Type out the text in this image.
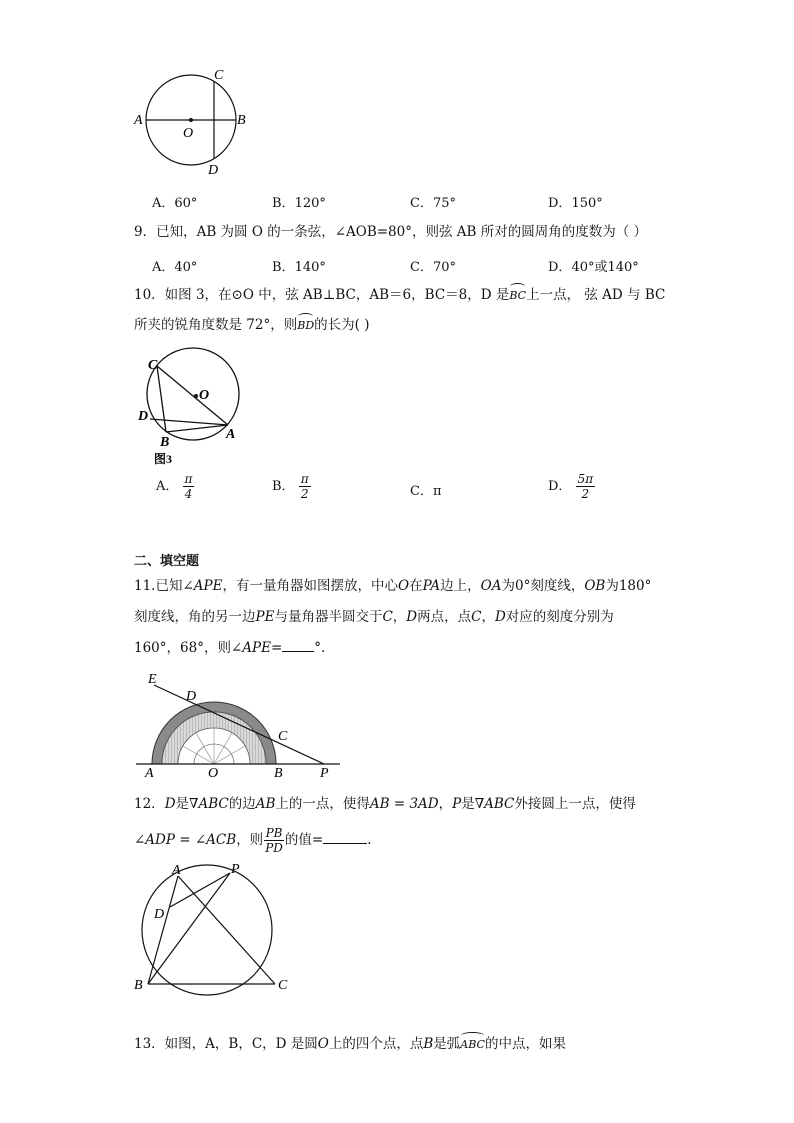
A	B
C
D
O
A．60°	B．120°	C．75°	D．150°
9．已知，AB 为圆 O 的一条弦，∠AOB=80°，则弦 AB 所对的圆周角的度数为（ ）
A．40°	B．140°	C．70°	D．40°或140°
10．如图 3，在⊙O 中，弦 AB⊥BC，AB＝6，BC＝8，D 是BC上一点， 弦 AD 与 BC
所夹的锐角度数是 72°，则BD的长为( )
C
O
D
B
A
图3
A． $\frac{\pi}{4}$	B． $\frac{\pi}{2}$	C．π	D． $\frac{5\pi}{2}$
二、填空题
11.已知∠APE，有一量角器如图摆放，中心O在PA边上，OA为0°刻度线，OB为180°
刻度线，角的另一边PE与量角器半圆交于C，D两点，点C，D对应的刻度分别为
160°，68°，则∠APE= °.
E
D
C
A	O	B	P
12．D是∇ABC的边AB上的一点，使得AB = 3AD，P是∇ABC外接圆上一点，使得
∠ADP = ∠ACB，则 $\frac{PB}{PD}$ 的值=	.
A	P
D
B	C
13．如图，A，B，C，D 是圆O上的四个点，点B是弧ABC的中点，如果
